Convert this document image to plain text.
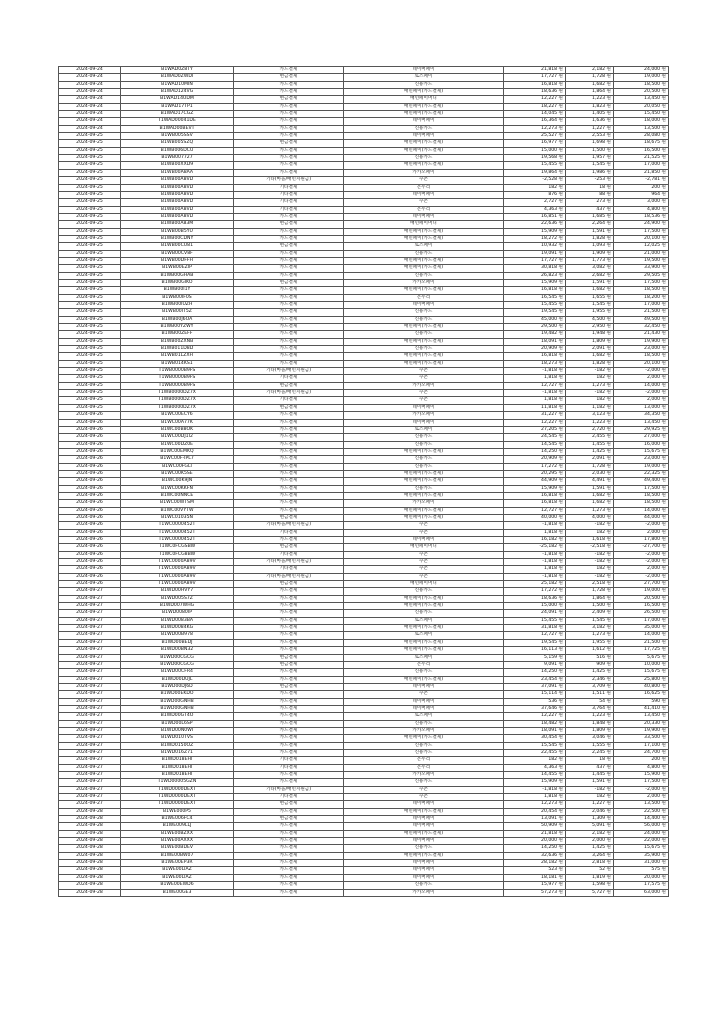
2024-09-24	B1WAD0Z8TY	카드결제	네이버페이	21,818 원	2,182 원	24,000 원
2024-09-24	B1WAD0ZWDI	현금결제	토스페이	17,727 원	1,728 원	19,000 원
2024-09-24	B1WAD10MIN	카드결제	신용카드	16,818 원	1,682 원	18,500 원
2024-09-24	B1WAD124VG	카드결제	배민페이(카드결제)	18,636 원	1,864 원	20,500 원
2024-09-24	B1WAD14UDM	현금결제	배민페이머니	12,227 원	1,223 원	13,450 원
2024-09-24	B1WAD17TP1	카드결제	배민페이(카드결제)	18,227 원	1,823 원	20,050 원
2024-09-24	B1WAD17CGZ	카드결제	배민페이(카드결제)	14,045 원	1,405 원	15,450 원
2024-09-24	T1WAD00041DE	카드결제	네이버페이	16,364 원	1,636 원	18,000 원
2024-09-24	B1WAD00BEVT	카드결제	신용카드	12,273 원	1,227 원	13,500 원
2024-09-25	B1WB005SSV	카드결제	네이버페이	25,527 원	2,553 원	28,080 원
2024-09-25	B1WB005SZQ	현금결제	배민페이(카드결제)	16,977 원	1,698 원	18,675 원
2024-09-25	B1WB006DCU	카드결제	배민페이(카드결제)	15,000 원	1,500 원	16,500 원
2024-09-25	B1WB007727	카드결제	신용카드	19,568 원	1,957 원	21,525 원
2024-09-25	B1WB00XXD9	카드결제	배민페이(카드결제)	15,455 원	1,545 원	17,000 원
2024-09-25	B1WB00A8AA	카드결제	카카오페이	19,864 원	1,986 원	21,850 원
2024-09-25	B1WB00A8VD	기타(마을/배민지원금)	쿠폰	-2,528 원	-253 원	-2,781 원
2024-09-25	B1WB00A8VD	기타결제	온누리	182 원	18 원	200 원
2024-09-25	B1WB00A8VD	기타결제	네이버페이	876 원	88 원	964 원
2024-09-25	B1WB00A8VD	기타결제	쿠폰	2,727 원	273 원	3,000 원
2024-09-25	B1WB00A8VD	기타결제	온누리	4,363 원	437 원	4,800 원
2024-09-25	B1WB00A8VD	카드결제	네이버페이	16,851 원	1,685 원	18,536 원
2024-09-25	B1WB00A83M	현금결제	배민페이머니	22,636 원	2,264 원	24,900 원
2024-09-25	B1WB00B5YU	카드결제	배민페이(카드결제)	15,909 원	1,591 원	17,500 원
2024-09-25	B1WB00CDNY	카드결제	배민페이(카드결제)	18,272 원	1,828 원	20,100 원
2024-09-25	B1WB00CU81	현금결제	토스페이	10,932 원	1,093 원	12,025 원
2024-09-25	B1WB00CV8F	카드결제	신용카드	19,091 원	1,909 원	21,000 원
2024-09-25	B1WB00DFFH	카드결제	배민페이(카드결제)	17,727 원	1,773 원	19,500 원
2024-09-25	B1WB00EZIP	카드결제	배민페이(카드결제)	30,818 원	3,082 원	33,900 원
2024-09-25	B1WB00GHAB	카드결제	신용카드	26,823 원	2,682 원	29,505 원
2024-09-25	B1WB00GIKO	현금결제	카카오페이	15,909 원	1,591 원	17,500 원
2024-09-25	B1WB00I1Y	카드결제	배민페이(카드결제)	16,818 원	1,682 원	18,500 원
2024-09-25	B1WB00IF0S	카드결제	온누리	16,545 원	1,655 원	18,200 원
2024-09-25	B1WB00IUZH	카드결제	네이버페이	15,455 원	1,545 원	17,000 원
2024-09-25	B1WB00IT5Z	카드결제	신용카드	19,545 원	1,955 원	21,500 원
2024-09-25	B1WB00J6OA	카드결제	신용카드	45,000 원	4,500 원	49,500 원
2024-09-25	B1WB00YZWY	카드결제	배민페이(카드결제)	29,500 원	2,950 원	32,450 원
2024-09-25	B1WB00ZEFF	카드결제	신용카드	19,482 원	1,948 원	21,430 원
2024-09-25	B1WB00ZXNB	카드결제	배민페이(카드결제)	18,091 원	1,809 원	19,900 원
2024-09-25	B1WB011D8D	카드결제	신용카드	20,909 원	2,091 원	23,000 원
2024-09-25	B1WB01LZXH	카드결제	배민페이(카드결제)	16,818 원	1,682 원	18,500 원
2024-09-25	B1WB014KS1	카드결제	배민페이(카드결제)	18,273 원	1,828 원	20,100 원
2024-09-25	T1WB0000B9FS	기타(마을/배민지원금)	쿠폰	-1,818 원	-182 원	-2,000 원
2024-09-25	T1WB0000B9FS	기타결제	쿠폰	1,818 원	182 원	2,000 원
2024-09-25	T1WB0000B9FS	현금결제	카카오페이	12,727 원	1,273 원	14,000 원
2024-09-25	T1WB0000DZ7X	기타(마을/배민지원금)	쿠폰	-1,818 원	-182 원	-2,000 원
2024-09-25	T1WB0000DZ7X	기타결제	쿠폰	1,818 원	182 원	2,000 원
2024-09-25	T1WB0000DZ7X	현금결제	네이버페이	11,818 원	1,182 원	13,000 원
2024-09-26	B1WC00ECY6	카드결제	카카오페이	31,227 원	3,123 원	34,350 원
2024-09-26	B1WC00A77K	카드결제	네이버페이	12,227 원	1,223 원	13,450 원
2024-09-26	B1WC00B8OK	카드결제	토스페이	27,205 원	2,720 원	29,925 원
2024-09-26	B1WC00DJ1I2	카드결제	신용카드	24,545 원	2,455 원	27,000 원
2024-09-26	B1WC00DZ0E	카드결제	신용카드	14,545 원	1,455 원	16,000 원
2024-09-26	B1WC00EMKQ	카드결제	배민페이(카드결제)	14,250 원	1,425 원	15,675 원
2024-09-26	B1WC00F-IPL7	카드결제	신용카드	20,909 원	2,091 원	23,000 원
2024-09-26	B1WC00FGLI	카드결제	신용카드	17,272 원	1,728 원	19,000 원
2024-09-26	B1WC00K5SE	카드결제	배민페이(카드결제)	20,295 원	2,030 원	22,325 원
2024-09-26	B1WC00K9JN	카드결제	배민페이(카드결제)	44,909 원	4,491 원	49,400 원
2024-09-26	B1WC00KKFN	카드결제	신용카드	15,909 원	1,591 원	17,500 원
2024-09-26	B1WC00NNCE	카드결제	배민페이(카드결제)	16,818 원	1,682 원	18,500 원
2024-09-26	B1WC00WTSM	카드결제	카카오페이	16,818 원	1,682 원	18,500 원
2024-09-26	B1WC00VYTW	카드결제	배민페이(카드결제)	12,727 원	1,273 원	14,000 원
2024-09-26	B1WC01035N	현금결제	배민페이(카드결제)	40,000 원	4,000 원	44,000 원
2024-09-26	T1WC0000452T	기타(마을/배민지원금)	쿠폰	-1,818 원	-182 원	-2,000 원
2024-09-26	T1WC0000452T	기타결제	쿠폰	1,818 원	182 원	2,000 원
2024-09-26	T1WC0000452T	카드결제	네이버페이	16,182 원	1,618 원	17,800 원
2024-09-26	T1WC0FCGSBW	현금결제	배민페이머니	-25,182 원	-2,518 원	-27,700 원
2024-09-26	T1WC0FCG8BW	기타결제	쿠폰	-1,818 원	-182 원	-2,000 원
2024-09-26	T1WC0000A89V	기타(마을/배민지원금)	쿠폰	-1,818 원	-182 원	-2,000 원
2024-09-26	T1WC0000A89V	기타결제	쿠폰	1,818 원	182 원	2,000 원
2024-09-26	T1WC0000A89V	기타(마을/배민지원금)	쿠폰	-1,818 원	-182 원	-2,000 원
2024-09-26	T1WC0000A89V	현금결제	배민페이머니	25,182 원	2,518 원	27,700 원
2024-09-27	B1WD00HVY7	카드결제	신용카드	17,272 원	1,728 원	19,000 원
2024-09-27	B1WD005S7Z	카드결제	배민페이(카드결제)	18,636 원	1,864 원	20,500 원
2024-09-27	B1WD007WHG	카드결제	배민페이(카드결제)	15,000 원	1,500 원	16,500 원
2024-09-27	B1WD0080IP	카드결제	신용카드	24,091 원	2,409 원	26,500 원
2024-09-27	B1WD0083BA	카드결제	토스페이	15,455 원	1,545 원	17,000 원
2024-09-27	B1WD0084KG	카드결제	배민페이(카드결제)	31,818 원	3,182 원	35,000 원
2024-09-27	B1WD00B978	카드결제	토스페이	12,727 원	1,273 원	14,000 원
2024-09-27	B1WD00BEDJ	카드결제	배민페이(카드결제)	19,545 원	1,955 원	21,500 원
2024-09-27	B1WD00BN32	카드결제	배민페이(카드결제)	16,113 원	1,612 원	17,725 원
2024-09-27	B1WD00CGCG	현금결제	토스페이	5,159 원	516 원	5,675 원
2024-09-27	B1WD00CGCG	현금결제	온누리	9,091 원	909 원	10,000 원
2024-09-27	B1WD00CFR4	카드결제	신용카드	14,250 원	1,425 원	15,675 원
2024-09-27	B1WD00DUJL	카드결제	배민페이(카드결제)	23,454 원	2,346 원	25,800 원
2024-09-27	B1WD00DJ6D	현금결제	네이버페이	37,091 원	3,709 원	40,800 원
2024-09-27	B1WD00EKDO	카드결제	쿠폰	15,114 원	1,511 원	16,625 원
2024-09-27	B1WD00GNH8	카드결제	네이버페이	536 원	54 원	590 원
2024-09-27	B1WD00GNH8	카드결제	네이버페이	37,646 원	3,764 원	41,410 원
2024-09-27	B1WD00GT4O	카드결제	토스페이	12,227 원	1,223 원	13,450 원
2024-09-27	B1WD00L6SP	카드결제	신용카드	18,482 원	1,848 원	20,330 원
2024-09-27	B1WD00N0WI	카드결제	카카오페이	18,091 원	1,809 원	19,900 원
2024-09-27	B1WD010TVS	카드결제	배민페이(카드결제)	30,454 원	3,046 원	33,500 원
2024-09-27	B1WD0150OZ	카드결제	신용카드	15,545 원	1,555 원	17,100 원
2024-09-27	B1WD016Z71	카드결제	신용카드	22,455 원	2,245 원	24,700 원
2024-09-27	B1WD018EHI	기타결제	온누리	182 원	18 원	200 원
2024-09-27	B1WD018EHI	기타결제	온누리	4,363 원	437 원	4,800 원
2024-09-27	B1WD018EHI	카드결제	카카오페이	14,455 원	1,445 원	15,900 원
2024-09-27	T1WD00005GZN	카드결제	신용카드	15,909 원	1,591 원	17,500 원
2024-09-27	T1WD0000DEXT	기타(마을/배민지원금)	쿠폰	-1,818 원	-182 원	-2,000 원
2024-09-27	T1WD0000DEXT	기타결제	쿠폰	1,818 원	182 원	2,000 원
2024-09-27	T1WD0000DEXT	현금결제	네이버페이	12,273 원	1,227 원	13,500 원
2024-09-28	B1WE000P5	카드결제	배민페이(카드결제)	20,454 원	2,046 원	22,500 원
2024-09-28	B1WE006FC4	현금결제	네이버페이	13,091 원	1,309 원	14,400 원
2024-09-28	B1WE009LLJ	카드결제	네이버페이	50,909 원	5,091 원	56,000 원
2024-09-28	B1WE00BZXX	카드결제	배민페이(카드결제)	21,818 원	2,182 원	24,000 원
2024-09-28	B1WE00AXXX	카드결제	네이버페이	20,000 원	2,000 원	22,000 원
2024-09-28	B1WE00BDEV	카드결제	신용카드	14,250 원	1,425 원	15,675 원
2024-09-28	B1WE00BW07	카드결제	배민페이(카드결제)	32,636 원	3,264 원	35,900 원
2024-09-28	B1WE00EP3R	카드결제	네이버페이	28,182 원	2,818 원	31,000 원
2024-09-28	B1WE00LIAZ	카드결제	네이버페이	523 원	52 원	575 원
2024-09-28	B1WE00LIAZ	카드결제	네이버페이	18,181 원	1,819 원	20,000 원
2024-09-28	B1WE00EWD6	카드결제	신용카드	15,977 원	1,598 원	17,575 원
2024-09-28	B1WE00GE3	카드결제	카카오페이	57,273 원	5,727 원	63,000 원
